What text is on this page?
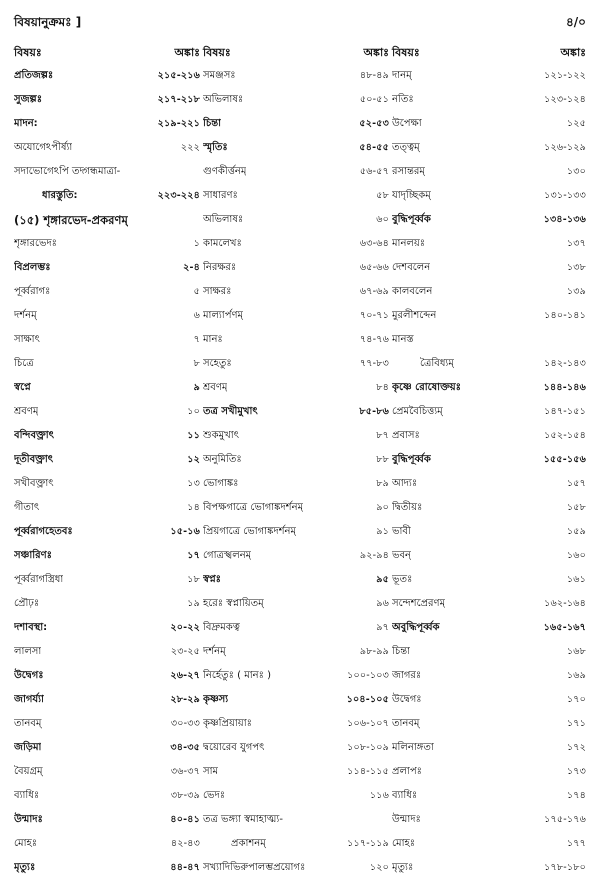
বিষয়ানুক্রমঃ ]	৪/০
বিষয়ঃ	অঙ্কাঃ
প্রতিজল্পঃ	২১৫-২১৬
সুজল্পঃ	২১৭-২১৮
মাদন:	২১৯-২২১
অযোগেঽপীর্ষ্যা	২২২
সদাভোগেঽপি তদ্গন্ধমাত্রা-
ধারস্তুতি:	২২৩-২২৪
(১৫) শৃঙ্গারভেদ-প্রকরণম্
শৃঙ্গারভেদঃ	১
বিপ্রলম্ভঃ	২-৪
পূর্ব্বরাগঃ	৫
দর্শনম্	৬
সাক্ষাৎ	৭
চিত্রে	৮
স্বপ্নে	৯
শ্রবণম্	১০
বন্দিবক্ত্রাৎ	১১
দূতীবক্ত্রাৎ	১২
সখীবক্ত্রাৎ	১৩
গীতাৎ	১৪
পূর্ব্বরাগহেতবঃ	১৫-১৬
সঞ্চারিণঃ	১৭
পূর্ব্বরাগস্ত্রিধা	১৮
প্রৌঢ়ঃ	১৯
দশাবস্থা:	২০-২২
লালসা	২৩-২৫
উদ্বেগঃ	২৬-২৭
জাগর্য্যা	২৮-২৯
তানবম্	৩০-৩৩
জড়িমা	৩৪-৩৫
বৈয়গ্রম্	৩৬-৩৭
ব্যাধিঃ	৩৮-৩৯
উন্মাদঃ	৪০-৪১
মোহঃ	৪২-৪৩
মৃত্যুঃ	৪৪-৪৭
বিষয়ঃ	অঙ্কাঃ
সমঞ্জসঃ	৪৮-৪৯
অভিলাষঃ	৫০-৫১
চিন্তা	৫২-৫৩
স্মৃতিঃ	৫৪-৫৫
গুণকীর্ত্তনম্	৫৬-৫৭
সাধারণঃ	৫৮
অভিলাষঃ	৬০
কামলেখঃ	৬৩-৬৪
নিরক্ষরঃ	৬৫-৬৬
সাক্ষরঃ	৬৭-৬৯
মাল্যার্পণম্	৭০-৭১
মানঃ	৭৪-৭৬
সহেতুঃ	৭৭-৮৩
শ্রবণম্	৮৪
তত্র সখীমুখাৎ	৮৫-৮৬
শুকমুখাৎ	৮৭
অনুমিতিঃ	৮৮
ভোগাঙ্কঃ	৮৯
বিপক্ষগাত্রে ভোগাঙ্কদর্শনম্	৯০
প্রিয়গাত্রে ভোগাঙ্কদর্শনম্	৯১
গোত্রস্খলনম্	৯২-৯৪
স্বপ্নঃ	৯৫
হরেঃ স্বপ্নায়িতম্	৯৬
বিদ্রুমকত্ব	৯৭
দর্শনম্	৯৮-৯৯
নির্হেতুঃ ( মানঃ )	১০০-১০৩
কৃষ্ণস্য	১০৪-১০৫
কৃষ্ণপ্রিয়ায়াঃ	১০৬-১০৭
দ্বয়োরেব যুগপৎ	১০৮-১০৯
সাম	১১৪-১১৫
ভেদঃ	১১৬
তত্র ভঙ্গ্যা স্বমাহাত্ম্য-
প্রকাশনম্	১১৭-১১৯
সখ্যাদিভিরুপালম্ভপ্রয়োগঃ	১২০
বিষয়ঃ	অঙ্কাঃ
দানম্	১২১-১২২
নতিঃ	১২৩-১২৪
উপেক্ষা	১২৫
তত্ত্বম্	১২৬-১২৯
রসান্তরম্	১৩০
যাদৃচ্ছিকম্	১৩১-১৩৩
বুদ্ধিপূর্ব্বক	১৩৪-১৩৬
মানলয়ঃ	১৩৭
দেশবলেন	১৩৮
কালবলেন	১৩৯
মুরলীশব্দেন	১৪০-১৪১
মানস্ত
ত্রৈবিধ্যম্	১৪২-১৪৩
কৃষ্ণে রোষোক্তয়ঃ	১৪৪-১৪৬
প্রেমবৈচিত্ত্যম্	১৪৭-১৫১
প্রবাসঃ	১৫২-১৫৪
বুদ্ধিপূর্ব্বক	১৫৫-১৫৬
আদ্যঃ	১৫৭
দ্বিতীয়ঃ	১৫৮
ভাবী	১৫৯
ভবন্	১৬০
ভূতঃ	১৬১
সন্দেশপ্রেরণম্	১৬২-১৬৪
অবুদ্ধিপূর্ব্বক	১৬৫-১৬৭
চিন্তা	১৬৮
জাগরঃ	১৬৯
উদ্বেগঃ	১৭০
তানবম্	১৭১
মলিনাঙ্গতা	১৭২
প্রলাপঃ	১৭৩
ব্যাধিঃ	১৭৪
উন্মাদঃ	১৭৫-১৭৬
মোহঃ	১৭৭
মৃত্যুঃ	১৭৮-১৮০
